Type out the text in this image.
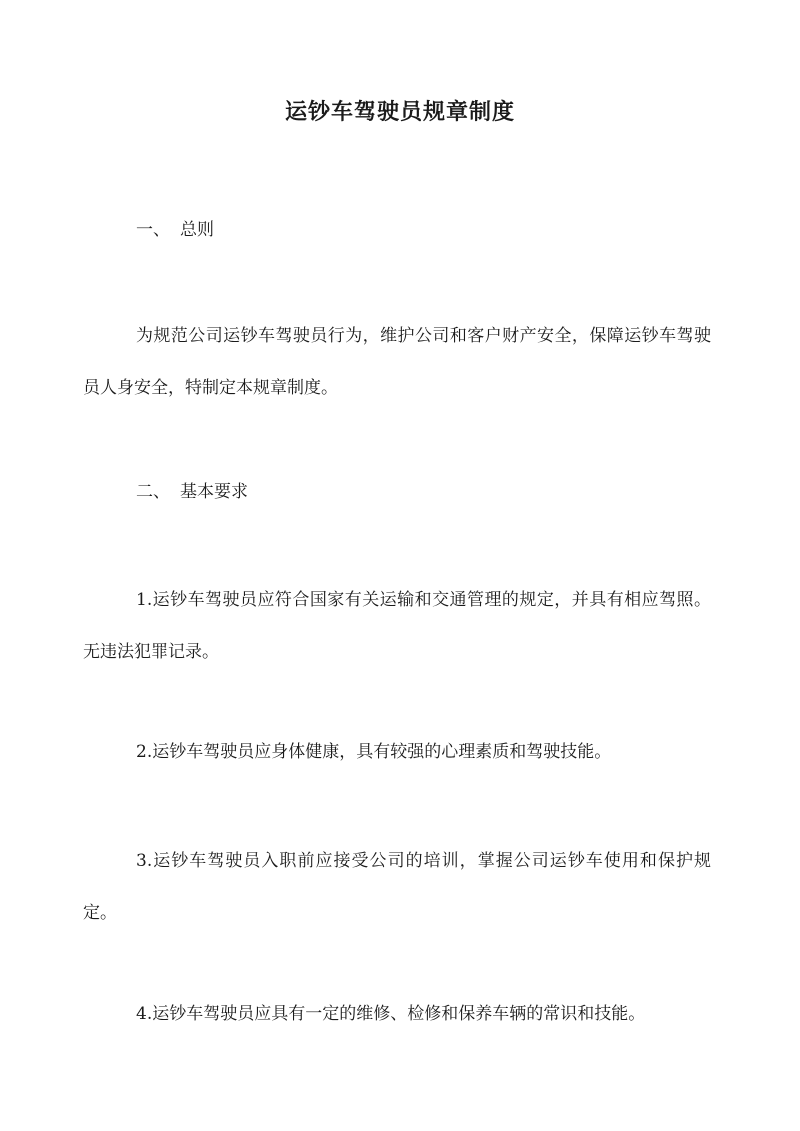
运钞车驾驶员规章制度
一、 总则
为规范公司运钞车驾驶员行为，维护公司和客户财产安全，保障运钞车驾驶员人身安全，特制定本规章制度。
二、 基本要求
1.运钞车驾驶员应符合国家有关运输和交通管理的规定，并具有相应驾照。无违法犯罪记录。
2.运钞车驾驶员应身体健康，具有较强的心理素质和驾驶技能。
3.运钞车驾驶员入职前应接受公司的培训，掌握公司运钞车使用和保护规定。
4.运钞车驾驶员应具有一定的维修、检修和保养车辆的常识和技能。
